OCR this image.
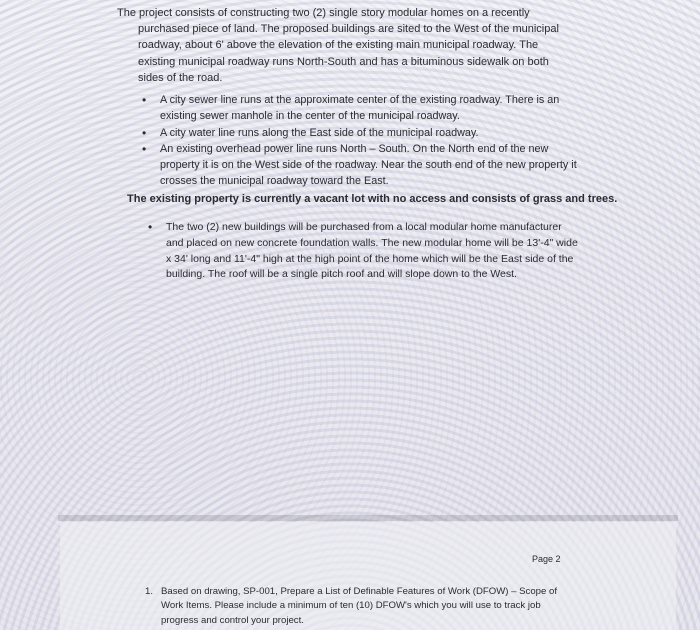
The project consists of constructing two (2) single story modular homes on a recently

purchased piece of land. The proposed buildings are sited to the West of the municipal roadway, about 6' above the elevation of the existing main municipal roadway. The existing municipal roadway runs North-South and has a bituminous sidewalk on both sides of the road.

• A city sewer line runs at the approximate center of the existing roadway. There is an existing sewer manhole in the center of the municipal roadway.
• A city water line runs along the East side of the municipal roadway.
• An existing overhead power line runs North – South. On the North end of the new property it is on the West side of the roadway. Near the south end of the new property it crosses the municipal roadway toward the East.

The existing property is currently a vacant lot with no access and consists of grass and trees.

• The two (2) new buildings will be purchased from a local modular home manufacturer and placed on new concrete foundation walls. The new modular home will be 13'-4" wide x 34' long and 11'-4" high at the high point of the home which will be the East side of the building. The roof will be a single pitch roof and will slope down to the West.
Page 2
1. Based on drawing, SP-001, Prepare a List of Definable Features of Work (DFOW) – Scope of Work Items. Please include a minimum of ten (10) DFOW's which you will use to track job progress and control your project.
